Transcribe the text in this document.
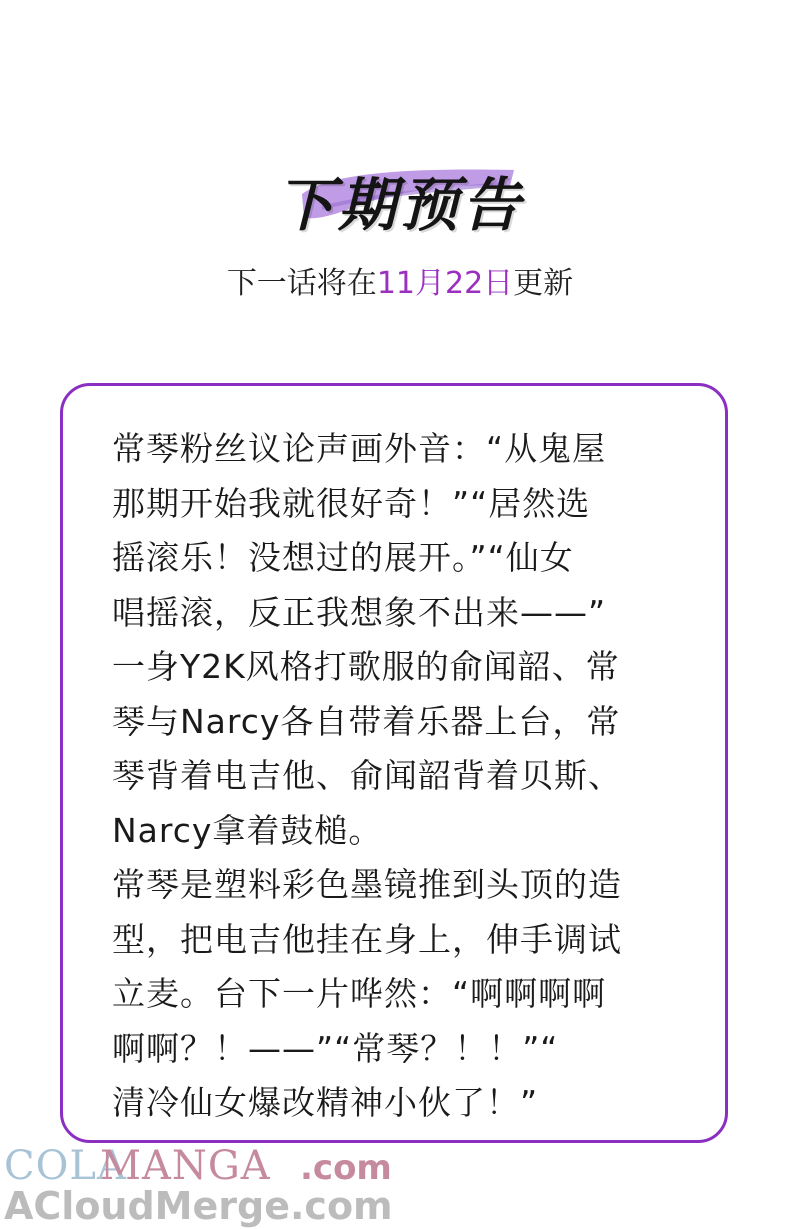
下期预告
下一话将在11月22日更新
常琴粉丝议论声画外音：“从鬼屋
那期开始我就很好奇！”“居然选
摇滚乐！没想过的展开。”“仙女
唱摇滚，反正我想象不出来——”
一身Y2K风格打歌服的俞闻韶、常
琴与Narcy各自带着乐器上台，常
琴背着电吉他、俞闻韶背着贝斯、
Narcy拿着鼓槌。
常琴是塑料彩色墨镜推到头顶的造
型，把电吉他挂在身上，伸手调试
立麦。台下一片哗然：“啊啊啊啊
啊啊？！——”“常琴？！！”“
清冷仙女爆改精神小伙了！”
COLA
MANGA .com
ACloudMerge.com
